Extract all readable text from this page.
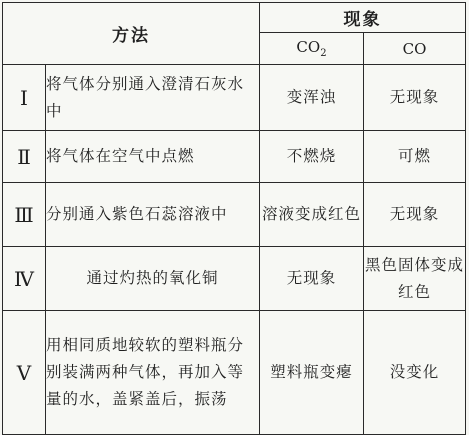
方法		现象	
		$CO_2$	CO
Ⅰ	将气体分别通入澄清石灰水中	变浑浊	无现象
Ⅱ	将气体在空气中点燃	不燃烧	可燃
Ⅲ	分别通入紫色石蕊溶液中	溶液变成红色	无现象
Ⅳ	通过灼热的氧化铜	无现象	黑色固体变成红色
Ⅴ	用相同质地较软的塑料瓶分别装满两种气体，再加入等量的水，盖紧盖后，振荡	塑料瓶变瘪	没变化
